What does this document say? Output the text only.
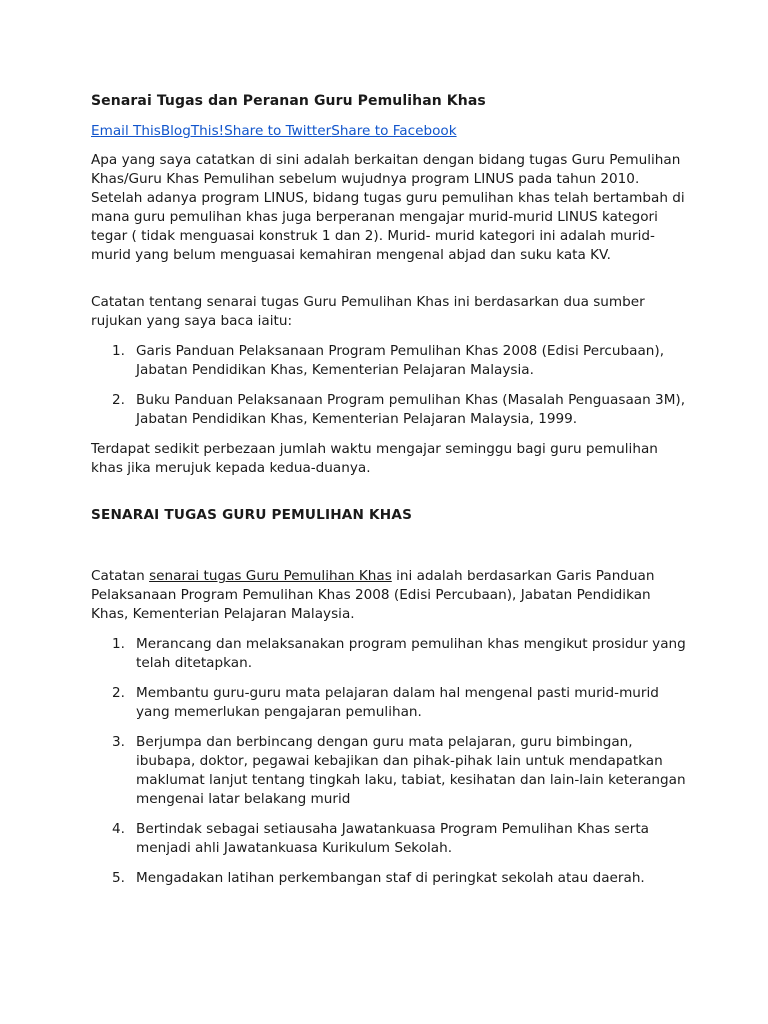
Senarai Tugas dan Peranan Guru Pemulihan Khas
Email ThisBlogThis!Share to TwitterShare to Facebook

Apa yang saya catatkan di sini adalah berkaitan dengan bidang tugas Guru Pemulihan Khas/Guru Khas Pemulihan sebelum wujudnya program LINUS pada tahun 2010. Setelah adanya program LINUS, bidang tugas guru pemulihan khas telah bertambah di mana guru pemulihan khas juga berperanan mengajar murid-murid LINUS kategori tegar ( tidak menguasai konstruk 1 dan 2). Murid- murid kategori ini adalah murid-murid yang belum menguasai kemahiran mengenal abjad dan suku kata KV.

Catatan tentang senarai tugas Guru Pemulihan Khas ini berdasarkan dua sumber rujukan yang saya baca iaitu:

1. Garis Panduan Pelaksanaan Program Pemulihan Khas 2008 (Edisi Percubaan), Jabatan Pendidikan Khas, Kementerian Pelajaran Malaysia.
2. Buku Panduan Pelaksanaan Program pemulihan Khas (Masalah Penguasaan 3M), Jabatan Pendidikan Khas, Kementerian Pelajaran Malaysia, 1999.

Terdapat sedikit perbezaan jumlah waktu mengajar seminggu bagi guru pemulihan khas jika merujuk kepada kedua-duanya.

SENARAI TUGAS GURU PEMULIHAN KHAS

Catatan senarai tugas Guru Pemulihan Khas ini adalah berdasarkan Garis Panduan Pelaksanaan Program Pemulihan Khas 2008 (Edisi Percubaan), Jabatan Pendidikan Khas, Kementerian Pelajaran Malaysia.

1. Merancang dan melaksanakan program pemulihan khas mengikut prosidur yang telah ditetapkan.
2. Membantu guru-guru mata pelajaran dalam hal mengenal pasti murid-murid yang memerlukan pengajaran pemulihan.
3. Berjumpa dan berbincang dengan guru mata pelajaran, guru bimbingan, ibubapa, doktor, pegawai kebajikan dan pihak-pihak lain untuk mendapatkan maklumat lanjut tentang tingkah laku, tabiat, kesihatan dan lain-lain keterangan mengenai latar belakang murid
4. Bertindak sebagai setiausaha Jawatankuasa Program Pemulihan Khas serta menjadi ahli Jawatankuasa Kurikulum Sekolah.
5. Mengadakan latihan perkembangan staf di peringkat sekolah atau daerah.
